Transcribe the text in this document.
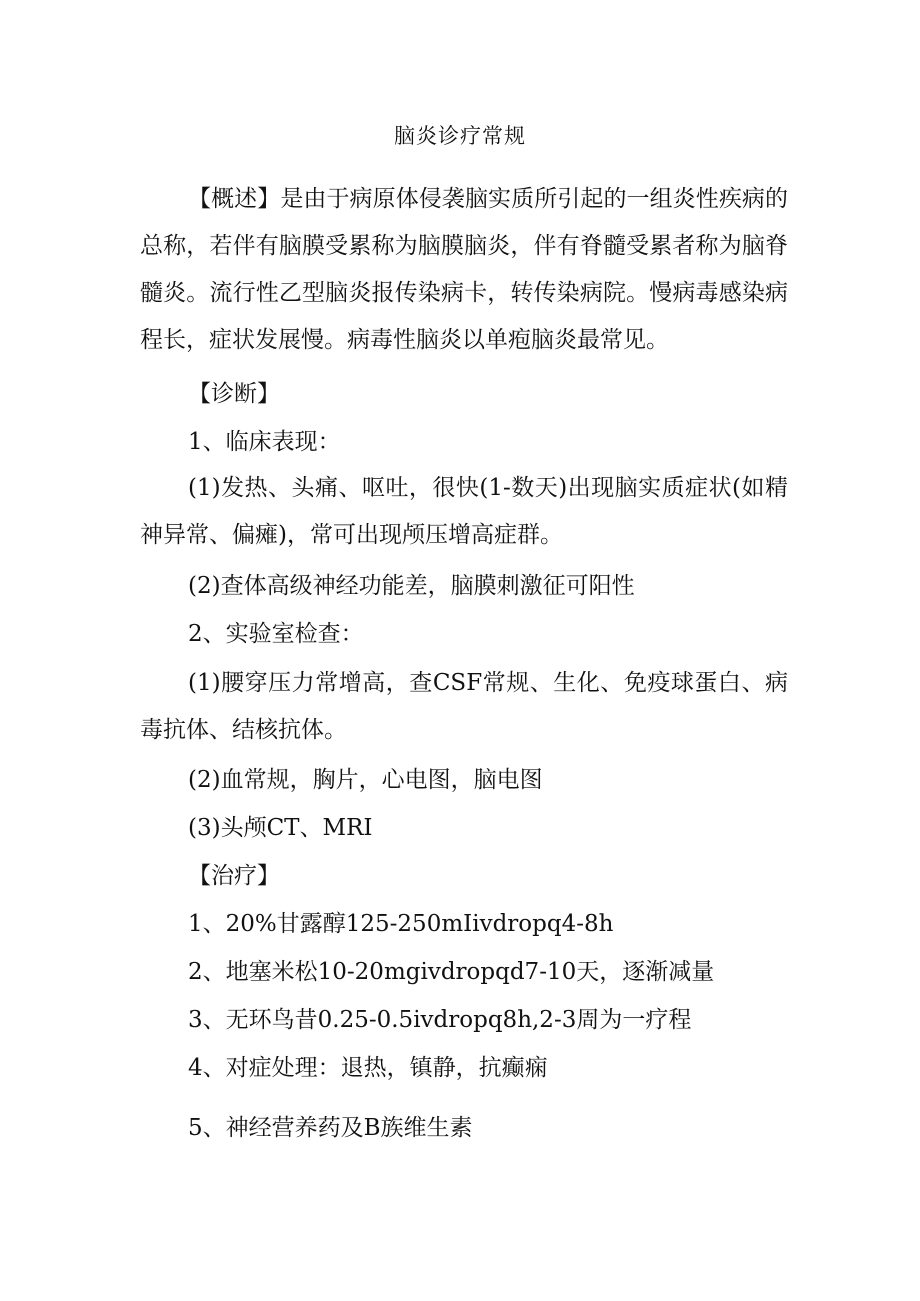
脑炎诊疗常规
【概述】是由于病原体侵袭脑实质所引起的一组炎性疾病的总称，若伴有脑膜受累称为脑膜脑炎，伴有脊髓受累者称为脑脊髓炎。流行性乙型脑炎报传染病卡，转传染病院。慢病毒感染病程长，症状发展慢。病毒性脑炎以单疱脑炎最常见。
【诊断】
1、临床表现：
(1)发热、头痛、呕吐，很快(1-数天)出现脑实质症状(如精神异常、偏瘫)，常可出现颅压增高症群。
(2)查体高级神经功能差，脑膜刺激征可阳性
2、实验室检查：
(1)腰穿压力常增高，查CSF常规、生化、免疫球蛋白、病毒抗体、结核抗体。
(2)血常规，胸片，心电图，脑电图
(3)头颅CT、MRI
【治疗】
1、20%甘露醇125-250mIivdropq4-8h
2、地塞米松10-20mgivdropqd7-10天，逐渐减量
3、无环鸟昔0.25-0.5ivdropq8h,2-3周为一疗程
4、对症处理：退热，镇静，抗癫痫
5、神经营养药及B族维生素
